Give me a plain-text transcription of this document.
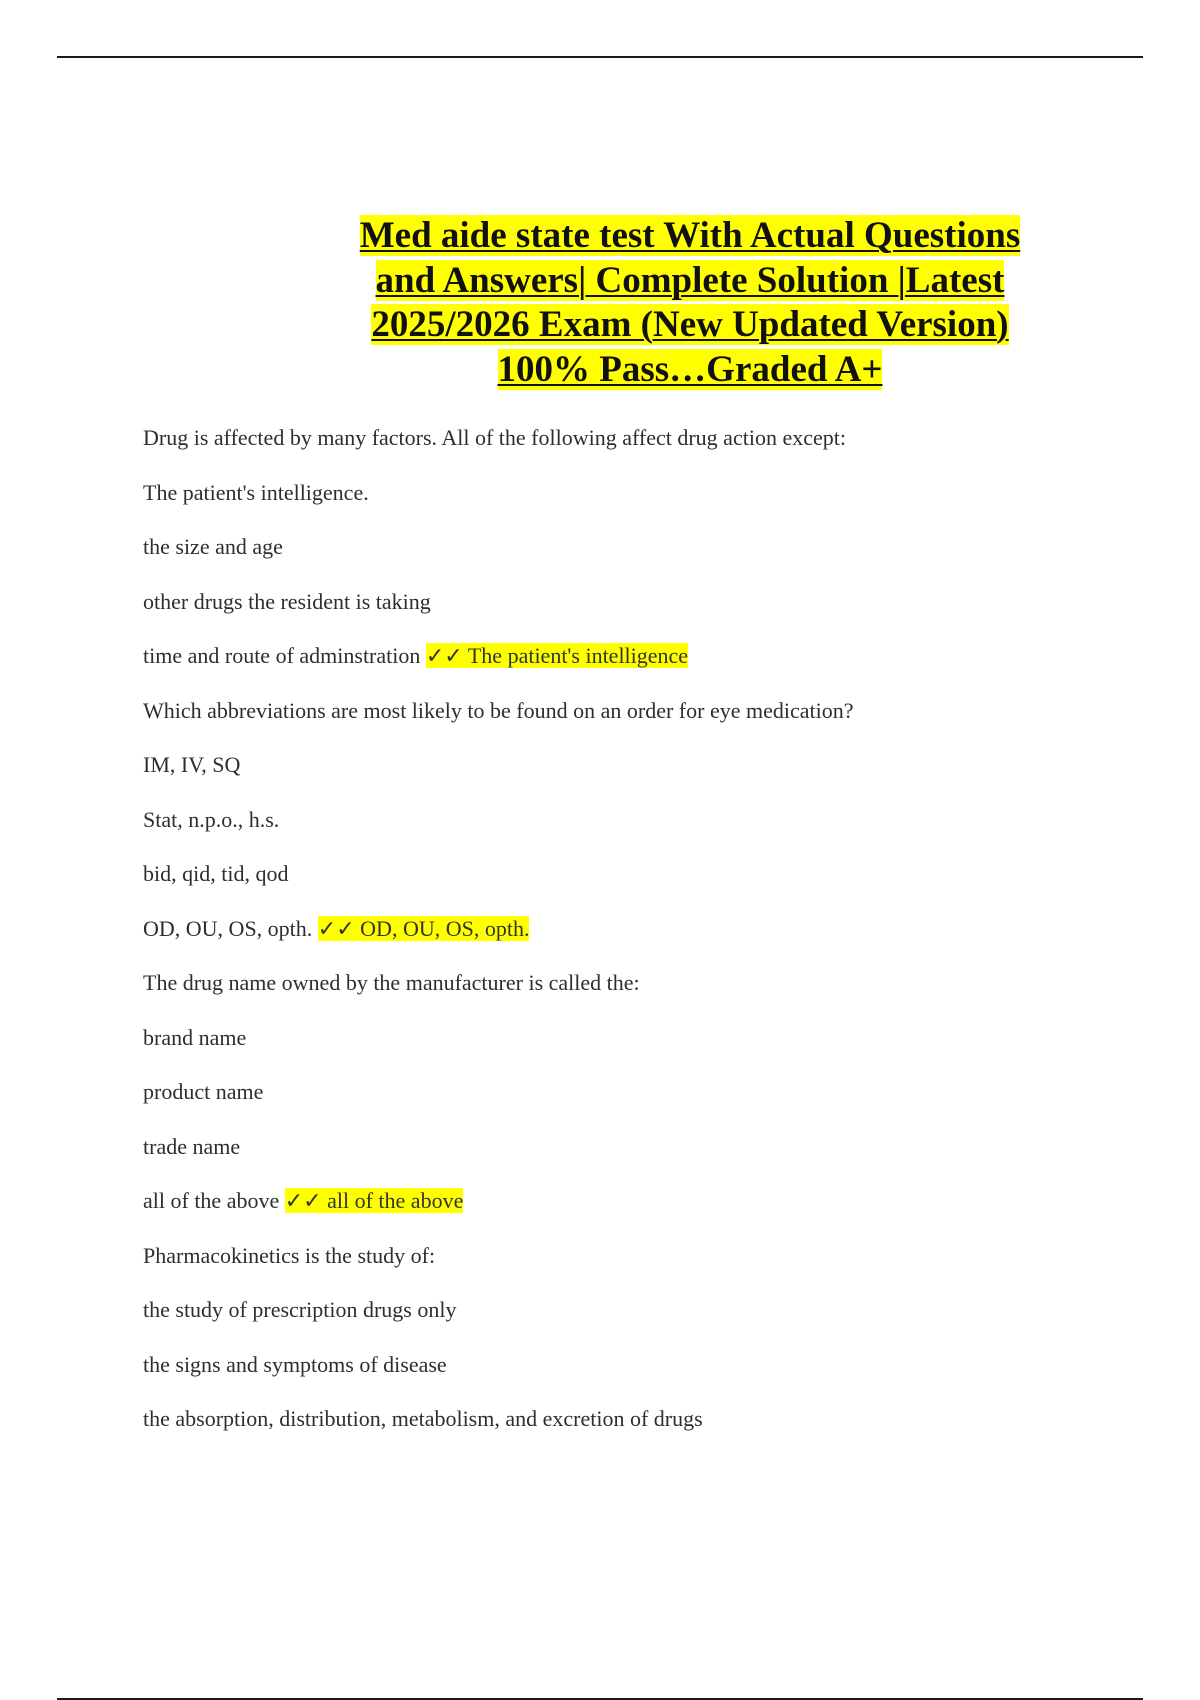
Med aide state test With Actual Questions
and Answers| Complete Solution |Latest
2025/2026 Exam (New Updated Version)
100% Pass…Graded A+
Drug is affected by many factors. All of the following affect drug action except:
The patient's intelligence.
the size and age
other drugs the resident is taking
time and route of adminstration ✓✓ The patient's intelligence
Which abbreviations are most likely to be found on an order for eye medication?
IM, IV, SQ
Stat, n.p.o., h.s.
bid, qid, tid, qod
OD, OU, OS, opth. ✓✓ OD, OU, OS, opth.
The drug name owned by the manufacturer is called the:
brand name
product name
trade name
all of the above ✓✓ all of the above
Pharmacokinetics is the study of:
the study of prescription drugs only
the signs and symptoms of disease
the absorption, distribution, metabolism, and excretion of drugs
